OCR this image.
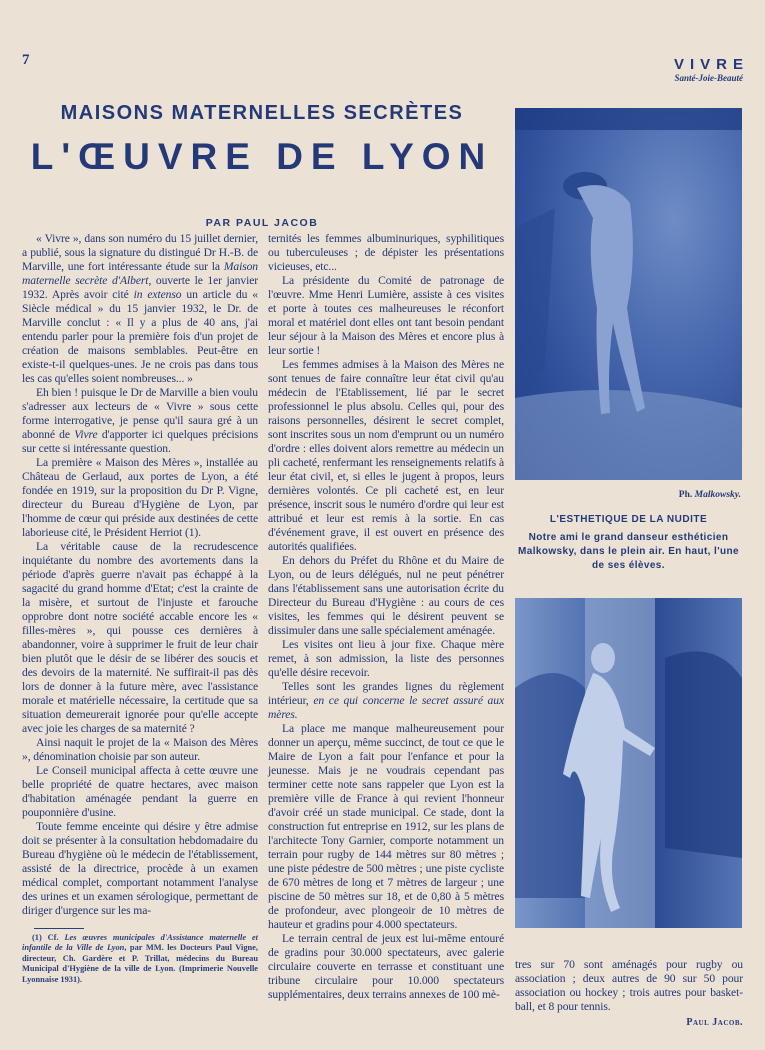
7	VIVRE
Santé-Joie-Beauté
MAISONS MATERNELLES SECRÈTES
L'ŒUVRE DE LYON
PAR PAUL JACOB

« Vivre », dans son numéro du 15 juillet dernier, a publié, sous la signature du distingué Dr H.-B. de Marville, une fort intéressante étude sur la Maison maternelle secrète d'Albert, ouverte le 1er janvier 1932. Après avoir cité in extenso un article du « Siècle médical » du 15 janvier 1932, le Dr. de Marville conclut : « Il y a plus de 40 ans, j'ai entendu parler pour la première fois d'un projet de création de maisons semblables. Peut-être en existe-t-il quelques-unes. Je ne crois pas dans tous les cas qu'elles soient nombreuses... »

Eh bien ! puisque le Dr de Marville a bien voulu s'adresser aux lecteurs de « Vivre » sous cette forme interrogative, je pense qu'il saura gré à un abonné de Vivre d'apporter ici quelques précisions sur cette si intéressante question.

La première « Maison des Mères », installée au Château de Gerlaud, aux portes de Lyon, a été fondée en 1919, sur la proposition du Dr P. Vigne, directeur du Bureau d'Hygiène de Lyon, par l'homme de cœur qui préside aux destinées de cette laborieuse cité, le Président Herriot (1).

La véritable cause de la recrudescence inquiétante du nombre des avortements dans la période d'après guerre n'avait pas échappé à la sagacité du grand homme d'Etat; c'est la crainte de la misère, et surtout de l'injuste et farouche opprobre dont notre société accable encore les « filles-mères », qui pousse ces dernières à abandonner, voire à supprimer le fruit de leur chair bien plutôt que le désir de se libérer des soucis et des devoirs de la maternité. Ne suffirait-il pas dès lors de donner à la future mère, avec l'assistance morale et matérielle nécessaire, la certitude que sa situation demeurerait ignorée pour qu'elle accepte avec joie les charges de sa maternité ?

Ainsi naquit le projet de la « Maison des Mères », dénomination choisie par son auteur.

Le Conseil municipal affecta à cette œuvre une belle propriété de quatre hectares, avec maison d'habitation aménagée pendant la guerre en pouponnière d'usine.

Toute femme enceinte qui désire y être admise doit se présenter à la consultation hebdomadaire du Bureau d'hygiène où le médecin de l'établissement, assisté de la directrice, procède à un examen médical complet, comportant notamment l'analyse des urines et un examen sérologique, permettant de diriger d'urgence sur les ma-

(1) Cf. Les œuvres municipales d'Assistance maternelle et infantile de la Ville de Lyon, par MM. les Docteurs Paul Vigne, directeur, Ch. Gardère et P. Trillat, médecins du Bureau Municipal d'Hygiène de la ville de Lyon. (Imprimerie Nouvelle Lyonnaise 1931).

ternités les femmes albuminuriques, syphilitiques ou tuberculeuses ; de dépister les présentations vicieuses, etc...

La présidente du Comité de patronage de l'œuvre. Mme Henri Lumière, assiste à ces visites et porte à toutes ces malheureuses le réconfort moral et matériel dont elles ont tant besoin pendant leur séjour à la Maison des Mères et encore plus à leur sortie !

Les femmes admises à la Maison des Mères ne sont tenues de faire connaître leur état civil qu'au médecin de l'Etablissement, lié par le secret professionnel le plus absolu. Celles qui, pour des raisons personnelles, désirent le secret complet, sont inscrites sous un nom d'emprunt ou un numéro d'ordre : elles doivent alors remettre au médecin un pli cacheté, renfermant les renseignements relatifs à leur état civil, et, si elles le jugent à propos, leurs dernières volontés. Ce pli cacheté est, en leur présence, inscrit sous le numéro d'ordre qui leur est attribué et leur est remis à la sortie. En cas d'événement grave, il est ouvert en présence des autorités qualifiées.

En dehors du Préfet du Rhône et du Maire de Lyon, ou de leurs délégués, nul ne peut pénétrer dans l'établissement sans une autorisation écrite du Directeur du Bureau d'Hygiène : au cours de ces visites, les femmes qui le désirent peuvent se dissimuler dans une salle spécialement aménagée.

Les visites ont lieu à jour fixe. Chaque mère remet, à son admission, la liste des personnes qu'elle désire recevoir.

Telles sont les grandes lignes du règlement intérieur, en ce qui concerne le secret assuré aux mères.

La place me manque malheureusement pour donner un aperçu, même succinct, de tout ce que le Maire de Lyon a fait pour l'enfance et pour la jeunesse. Mais je ne voudrais cependant pas terminer cette note sans rappeler que Lyon est la première ville de France à qui revient l'honneur d'avoir créé un stade municipal. Ce stade, dont la construction fut entreprise en 1912, sur les plans de l'architecte Tony Garnier, comporte notamment un terrain pour rugby de 144 mètres sur 80 mètres ; une piste pédestre de 500 mètres ; une piste cycliste de 670 mètres de long et 7 mètres de largeur ; une piscine de 50 mètres sur 18, et de 0,80 à 5 mètres de profondeur, avec plongeoir de 10 mètres de hauteur et gradins pour 4.000 spectateurs.

Le terrain central de jeux est lui-même entouré de gradins pour 30.000 spectateurs, avec galerie circulaire couverte en terrasse et constituant une tribune circulaire pour 10.000 spectateurs supplémentaires, deux terrains annexes de 100 mè-

Ph. Malkowsky.
L'ESTHETIQUE DE LA NUDITE
Notre ami le grand danseur esthéticien Malkowsky, dans le plein air. En haut, l'une de ses élèves.

tres sur 70 sont aménagés pour rugby ou association ; deux autres de 90 sur 50 pour association ou hockey ; trois autres pour basket-ball, et 8 pour tennis.

Paul Jacob.
